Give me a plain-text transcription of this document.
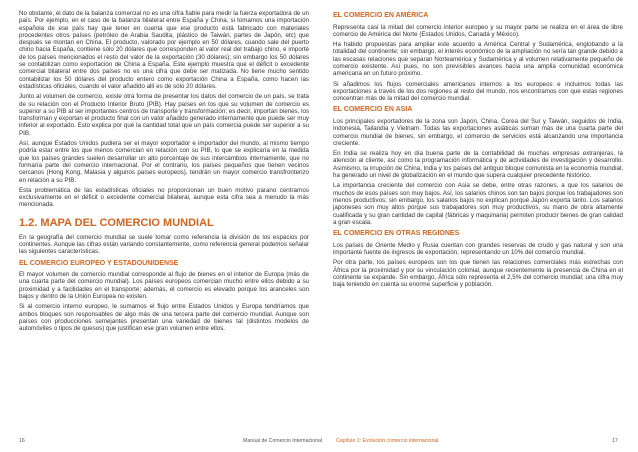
No obstante, el dato de la balanza comercial no es una cifra fiable para medir la fuerza exportadora de un país. Por ejemplo, en el caso de la balanza bilateral entre España y China, si tomamos una importación española de ese país hay que tener en cuenta que ese producto está fabricado con materiales procedentes otros países (petróleo de Arabia Saudita, plástico de Taiwán, partes de Japón, etc) que después se montan en China. El producto, valorado por ejemplo en 50 dólares, cuando sale del puerto chino hacia España, contiene sólo 20 dólares que corresponden al valor real del trabajo chino, e importé de los países mencionados el resto del valor de la exportación (30 dólares); sin embargo los 50 dólares se contabilizan como exportación de China a España. Este ejemplo muestra que el déficit o excedente comercial bilateral entre dos países no es una cifra que debe ser matizada. No tiene mucho sentido contabilizar los 50 dólares del producto entero como exportación China a España, como hacen las estadísticas oficiales, cuando el valor añadido allí es de sólo 20 dólares.

Junto al volumen de comercio, existe otra forma de presentar los datos del comercio de un país, se trata de su relación con el Producto Interior Bruto (PIB). Hay países en los que su volumen de comercio es superior a su PIB al ser importantes centros de transporte y transformación; es decir, importan bienes, los transforman y exportan el producto final con un valor añadido generado internamente que puede ser muy inferior al exportado. Esto explica por qué la cantidad total que un país comercia puede ser superior a su PIB.

Así, aunque Estados Unidos pudiera ser el mayor exportador e importador del mundo, al mismo tiempo podría estar entre los que menos comercian en relación con su PIB, lo que se explicaría en la medida que los países grandes suelen desarrollar un alto porcentaje de sus intercambios internamente, que no formaría parte del comercio internacional. Por el contrario, los países pequeños que tienen vecinos cercanos (Hong Kong, Malasia y algunos países europeos), tendrán un mayor comercio transfronterizo en relación a su PIB.

Esta problemática de las estadísticas oficiales no proporcionan un buen motivo parano centrarnos exclusivamente en el déficit o excedente comercial bilateral, aunque esta cifra sea a menudo la más mencionada.

1.2. MAPA DEL COMERCIO MUNDIAL

En la geografía del comercio mundial se suele tomar como referencia la división de los espacios por continentes. Aunque las cifras están variando constantemente, como referencia general podemos señalar las siguientes características.

EL COMERCIO EUROPEO Y ESTADOUNIDENSE

El mayor volumen de comercio mundial corresponde al flujo de bienes en el interior de Europa (más de una cuarta parte del comercio mundial). Los países europeos comercian mucho entre ellos debido a su proximidad y a facilidades en el transporte; además, el comercio es elevado porque los aranceles son bajos y dentro de la Unión Europea no existen.

Si al comercio interno europeo, le sumamos el flujo entre Estados Unidos y Europa tendríamos que ambos bloques son responsables de algo más de una tercera parte del comercio mundial. Aunque son países con producciones semejantes presentan una variedad de bienes tal (distintos modelos de automóviles o tipos de quesos) que justifican ese gran volumen entre ellos.

EL COMERCIO EN AMÉRICA

Representa casi la mitad del comercio interior europeo y su mayor parte se realiza en el área de libre comercio de América del Norte (Estados Unidos, Canadá y México).

Ha habido propuestas para ampliar este acuerdo a América Central y Sudamérica, englobando a la totalidad del continente; sin embargo, el interés económico de la ampliación no sería tan grande debido a las escasas relaciones que separan Norteamérica y Sudamérica y al volumen relativamente pequeño de comercio existente. Así pues, no son previsibles avances hacia una amplia comunidad económica americana en un futuro próximo.

Si añadimos los flujos comerciales americanos internos a los europeos e incluimos todas las exportaciones a través de los dos regiones al resto del mundo, nos encontramos con que estas regiones concentran más de la mitad del comercio mundial.

EL COMERCIO EN ASIA

Los principales exportadores de la zona son Japón, China, Corea del Sur y Taiwán, seguidos de India, Indonesia, Tailandia y Vietnam. Todas las exportaciones asiáticas suman más de una cuarta parte del comercio mundial de bienes; sin embargo, el comercio de servicios está alcanzando una importancia creciente.

En India se realiza hoy en día buena parte de la contabilidad de muchas empresas extranjeras, la atención al cliente, así como la programación informática y de actividades de investigación y desarrollo. Asimismo, la irrupción de China, India y los países del antiguo bloque comunista en la economía mundial, ha generado un nivel de globalización en el mundo que supera cualquier precedente histórico.

La importancia creciente del comercio con Asia se debe, entre otras razones, a que los salarios de muchos de esos países son muy bajos. Así, los salarios chinos son tan bajos porque los trabajadores son menos productivos; sin embargo, los salarios bajos no explican porqué Japón exporta tanto. Los salarios japoneses son muy altos porque sus trabajadores son muy productivos, su mano de obra altamente cualificada y su gran cantidad de capital (fábricas y maquinaria) permiten producir bienes de gran calidad a gran escala.

EL COMERCIO EN OTRAS REGIONES

Los países de Oriente Medio y Rusia cuentan con grandes reservas de crudo y gas natural y son una importante fuente de ingresos de exportación, representando un 10% del comercio mundial.

Por otra parte, los países europeos son los que tienen las relaciones comerciales más estrechas con África por la proximidad y por su vinculación colonial, aunque recientemente la presencia de China en el continente se expande. Sin embargo, África sólo representa el 2,5% del comercio mundial; una cifra muy baja teniendo en cuenta su enorme superficie y población.

16	Manual de Comercio Internacional	Capítulo 1: Evolución comercio internacional	17
